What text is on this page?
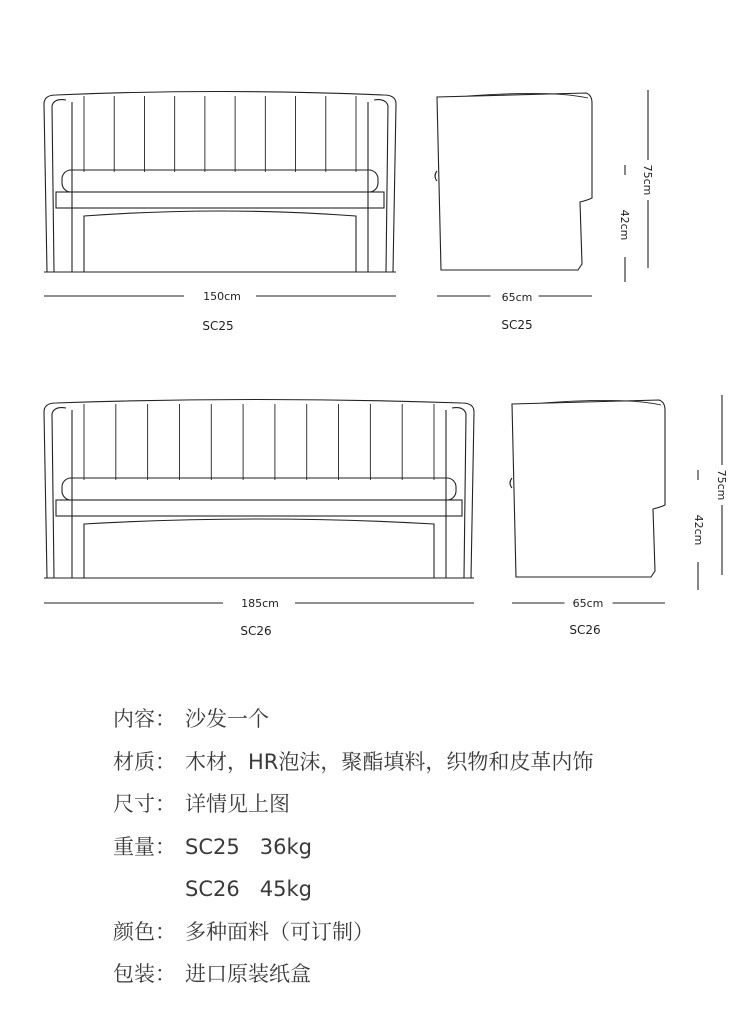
150cm	65cm
SC25	SC25
75cm
42cm
185cm	65cm
SC26	SC26
75cm
42cm
内容： 沙发一个
材质： 木材，HR泡沫，聚酯填料，织物和皮革内饰
尺寸： 详情见上图
重量： SC25 36kg
SC26 45kg
颜色： 多种面料（可订制）
包装： 进口原装纸盒
